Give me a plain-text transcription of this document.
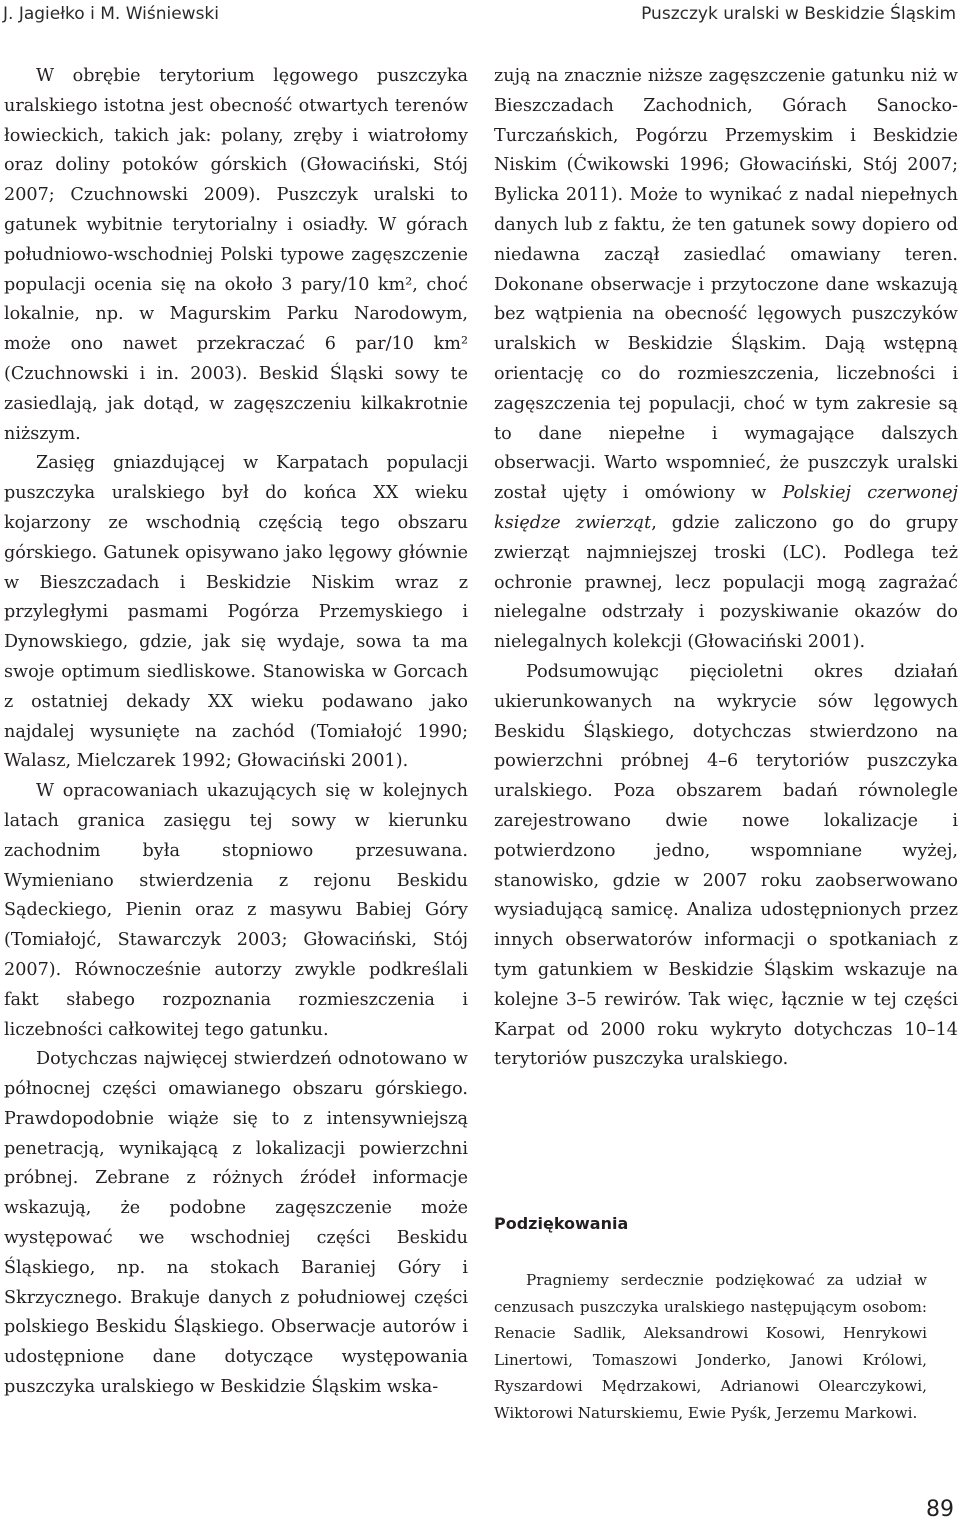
J. Jagiełko i M. Wiśniewski	Puszczyk uralski w Beskidzie Śląskim

W obrębie terytorium lęgowego puszczyka uralskiego istotna jest obecność otwartych terenów łowieckich, takich jak: polany, zręby i wiatrołomy oraz doliny potoków górskich (Głowaciński, Stój 2007; Czuchnowski 2009). Puszczyk uralski to gatunek wybitnie terytorialny i osiadły. W górach południowo-wschodniej Polski typowe zagęszczenie populacji ocenia się na około 3 pary/10 km², choć lokalnie, np. w Magurskim Parku Narodowym, może ono nawet przekraczać 6 par/10 km² (Czuchnowski i in. 2003). Beskid Śląski sowy te zasiedlają, jak dotąd, w zagęszczeniu kilkakrotnie niższym.

Zasięg gniazdującej w Karpatach populacji puszczyka uralskiego był do końca XX wieku kojarzony ze wschodnią częścią tego obszaru górskiego. Gatunek opisywano jako lęgowy głównie w Bieszczadach i Beskidzie Niskim wraz z przyległymi pasmami Pogórza Przemyskiego i Dynowskiego, gdzie, jak się wydaje, sowa ta ma swoje optimum siedliskowe. Stanowiska w Gorcach z ostatniej dekady XX wieku podawano jako najdalej wysunięte na zachód (Tomiałojć 1990; Walasz, Mielczarek 1992; Głowaciński 2001).

W opracowaniach ukazujących się w kolejnych latach granica zasięgu tej sowy w kierunku zachodnim była stopniowo przesuwana. Wymieniano stwierdzenia z rejonu Beskidu Sądeckiego, Pienin oraz z masywu Babiej Góry (Tomiałojć, Stawarczyk 2003; Głowaciński, Stój 2007). Równocześnie autorzy zwykle podkreślali fakt słabego rozpoznania rozmieszczenia i liczebności całkowitej tego gatunku.

Dotychczas najwięcej stwierdzeń odnotowano w północnej części omawianego obszaru górskiego. Prawdopodobnie wiąże się to z intensywniejszą penetracją, wynikającą z lokalizacji powierzchni próbnej. Zebrane z różnych źródeł informacje wskazują, że podobne zagęszczenie może występować we wschodniej części Beskidu Śląskiego, np. na stokach Baraniej Góry i Skrzycznego. Brakuje danych z południowej części polskiego Beskidu Śląskiego. Obserwacje autorów i udostępnione dane dotyczące występowania puszczyka uralskiego w Beskidzie Śląskim wska-

zują na znacznie niższe zagęszczenie gatunku niż w Bieszczadach Zachodnich, Górach Sanocko-Turczańskich, Pogórzu Przemyskim i Beskidzie Niskim (Ćwikowski 1996; Głowaciński, Stój 2007; Bylicka 2011). Może to wynikać z nadal niepełnych danych lub z faktu, że ten gatunek sowy dopiero od niedawna zaczął zasiedlać omawiany teren. Dokonane obserwacje i przytoczone dane wskazują bez wątpienia na obecność lęgowych puszczyków uralskich w Beskidzie Śląskim. Dają wstępną orientację co do rozmieszczenia, liczebności i zagęszczenia tej populacji, choć w tym zakresie są to dane niepełne i wymagające dalszych obserwacji. Warto wspomnieć, że puszczyk uralski został ujęty i omówiony w Polskiej czerwonej księdze zwierząt, gdzie zaliczono go do grupy zwierząt najmniejszej troski (LC). Podlega też ochronie prawnej, lecz populacji mogą zagrażać nielegalne odstrzały i pozyskiwanie okazów do nielegalnych kolekcji (Głowaciński 2001).

Podsumowując pięcioletni okres działań ukierunkowanych na wykrycie sów lęgowych Beskidu Śląskiego, dotychczas stwierdzono na powierzchni próbnej 4–6 terytoriów puszczyka uralskiego. Poza obszarem badań równolegle zarejestrowano dwie nowe lokalizacje i potwierdzono jedno, wspomniane wyżej, stanowisko, gdzie w 2007 roku zaobserwowano wysiadującą samicę. Analiza udostępnionych przez innych obserwatorów informacji o spotkaniach z tym gatunkiem w Beskidzie Śląskim wskazuje na kolejne 3–5 rewirów. Tak więc, łącznie w tej części Karpat od 2000 roku wykryto dotychczas 10–14 terytoriów puszczyka uralskiego.

Podziękowania
Pragniemy serdecznie podziękować za udział w cenzusach puszczyka uralskiego następującym osobom: Renacie Sadlik, Aleksandrowi Kosowi, Henrykowi Linertowi, Tomaszowi Jonderko, Janowi Królowi, Ryszardowi Mędrzakowi, Adrianowi Olearczykowi, Wiktorowi Naturskiemu, Ewie Pyśk, Jerzemu Markowi.
89
